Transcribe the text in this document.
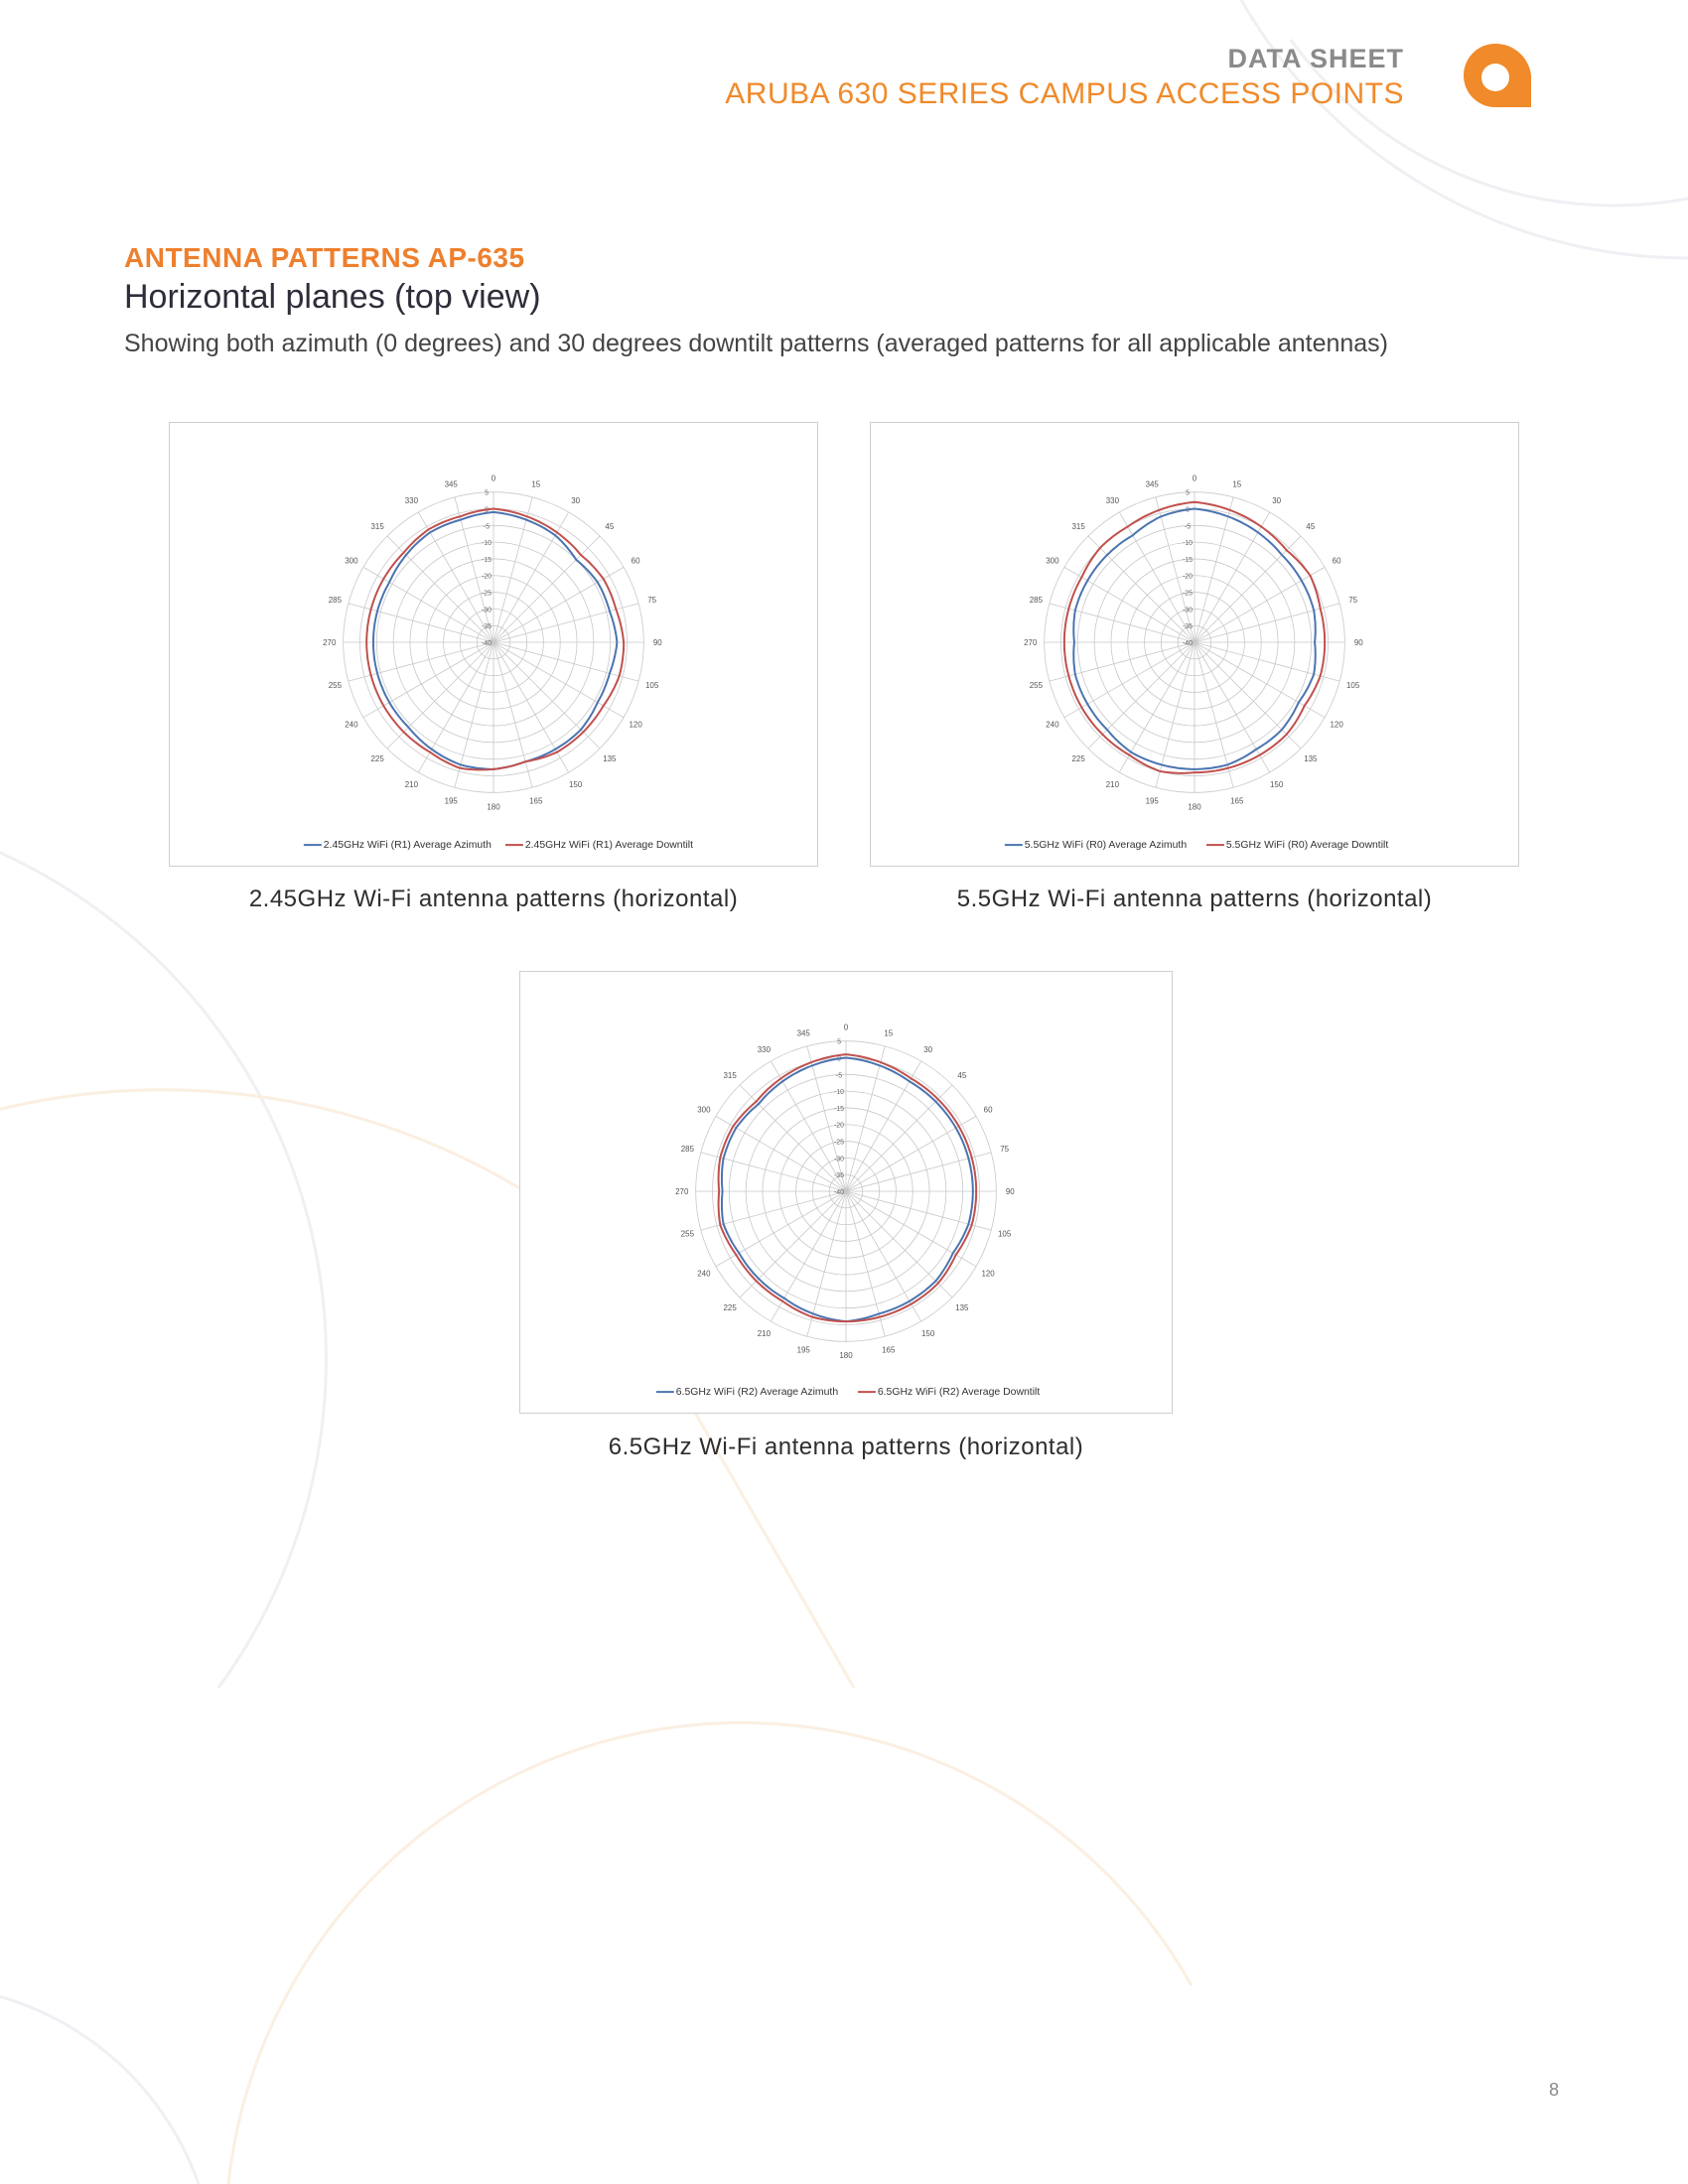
DATA SHEET
ARUBA 630 SERIES CAMPUS ACCESS POINTS
ANTENNA PATTERNS AP-635
Horizontal planes (top view)
Showing both azimuth (0 degrees) and 30 degrees downtilt patterns (averaged patterns for all applicable antennas)
0
15
30
45
60
75
90
105
120
135
150
165
180
195
210
225
240
255
270
285
300
315
330
345
5
0
-5
-10
-15
-20
-25
-30
-35
-40
2.45GHz WiFi (R1) Average Azimuth	2.45GHz WiFi (R1) Average Downtilt
2.45GHz Wi-Fi antenna patterns (horizontal)
0
15
30
45
60
75
90
105
120
135
150
165
180
195
210
225
240
255
270
285
300
315
330
345
5
0
-5
-10
-15
-20
-25
-30
-35
-40
5.5GHz WiFi (R0) Average Azimuth	5.5GHz WiFi (R0) Average Downtilt
5.5GHz Wi-Fi antenna patterns (horizontal)
0
15
30
45
60
75
90
105
120
135
150
165
180
195
210
225
240
255
270
285
300
315
330
345
5
0
-5
-10
-15
-20
-25
-30
-35
-40
6.5GHz WiFi (R2) Average Azimuth	6.5GHz WiFi (R2) Average Downtilt
6.5GHz Wi-Fi antenna patterns (horizontal)
8
